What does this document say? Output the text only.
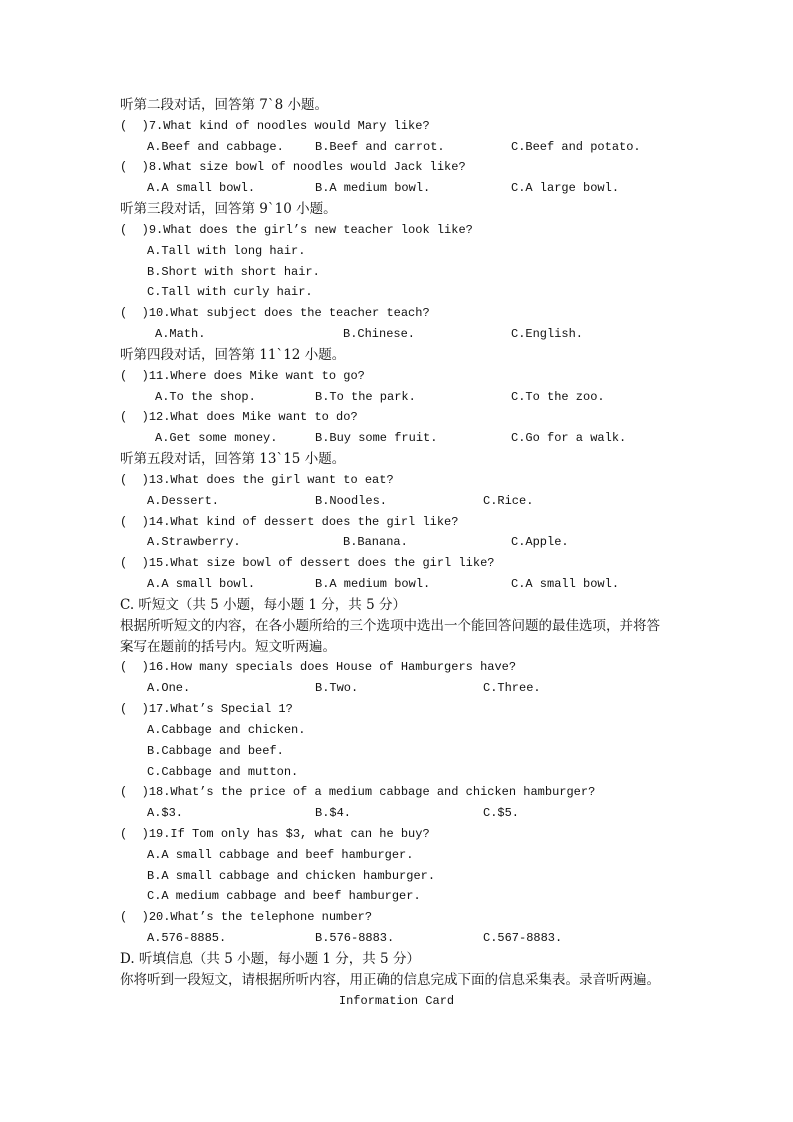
听第二段对话，回答第 7`8 小题。
(  )7.What kind of noodles would Mary like?

A.Beef and cabbage.

	B.Beef and carrot.

	C.Beef and potato.

(  )8.What size bowl of noodles would Jack like?

A.A small bowl.

	B.A medium bowl.

	C.A large bowl.

听第三段对话，回答第 9`10 小题。
(  )9.What does the girl’s new teacher look like?
A.Tall with long hair.
B.Short with short hair.
C.Tall with curly hair.
(  )10.What subject does the teacher teach?

A.Math.

	B.Chinese.

	C.English.

听第四段对话，回答第 11`12 小题。
(  )11.Where does Mike want to go?

A.To the shop.

	B.To the park.

	C.To the zoo.

(  )12.What does Mike want to do?

A.Get some money.

	B.Buy some fruit.

	C.Go for a walk.

听第五段对话，回答第 13`15 小题。
(  )13.What does the girl want to eat?

A.Dessert.

	B.Noodles.

	C.Rice.

(  )14.What kind of dessert does the girl like?

A.Strawberry.

	B.Banana.

	C.Apple.

(  )15.What size bowl of dessert does the girl like?

A.A small bowl.

	B.A medium bowl.

	C.A small bowl.

C. 听短文（共 5 小题，每小题 1 分，共 5 分）
根据所听短文的内容，在各小题所给的三个选项中选出一个能回答问题的最佳选项，并将答
案写在题前的括号内。短文听两遍。
(  )16.How many specials does House of Hamburgers have?

A.One.

	B.Two.

	C.Three.

(  )17.What’s Special 1?
A.Cabbage and chicken.
B.Cabbage and beef.
C.Cabbage and mutton.
(  )18.What’s the price of a medium cabbage and chicken hamburger?

A.$3.

	B.$4.

	C.$5.

(  )19.If Tom only has $3, what can he buy?
A.A small cabbage and beef hamburger.
B.A small cabbage and chicken hamburger.
C.A medium cabbage and beef hamburger.
(  )20.What’s the telephone number?

A.576-8885.

	B.576-8883.

	C.567-8883.

D. 听填信息（共 5 小题，每小题 1 分，共 5 分）
你将听到一段短文，请根据所听内容，用正确的信息完成下面的信息采集表。录音听两遍。
Information Card
